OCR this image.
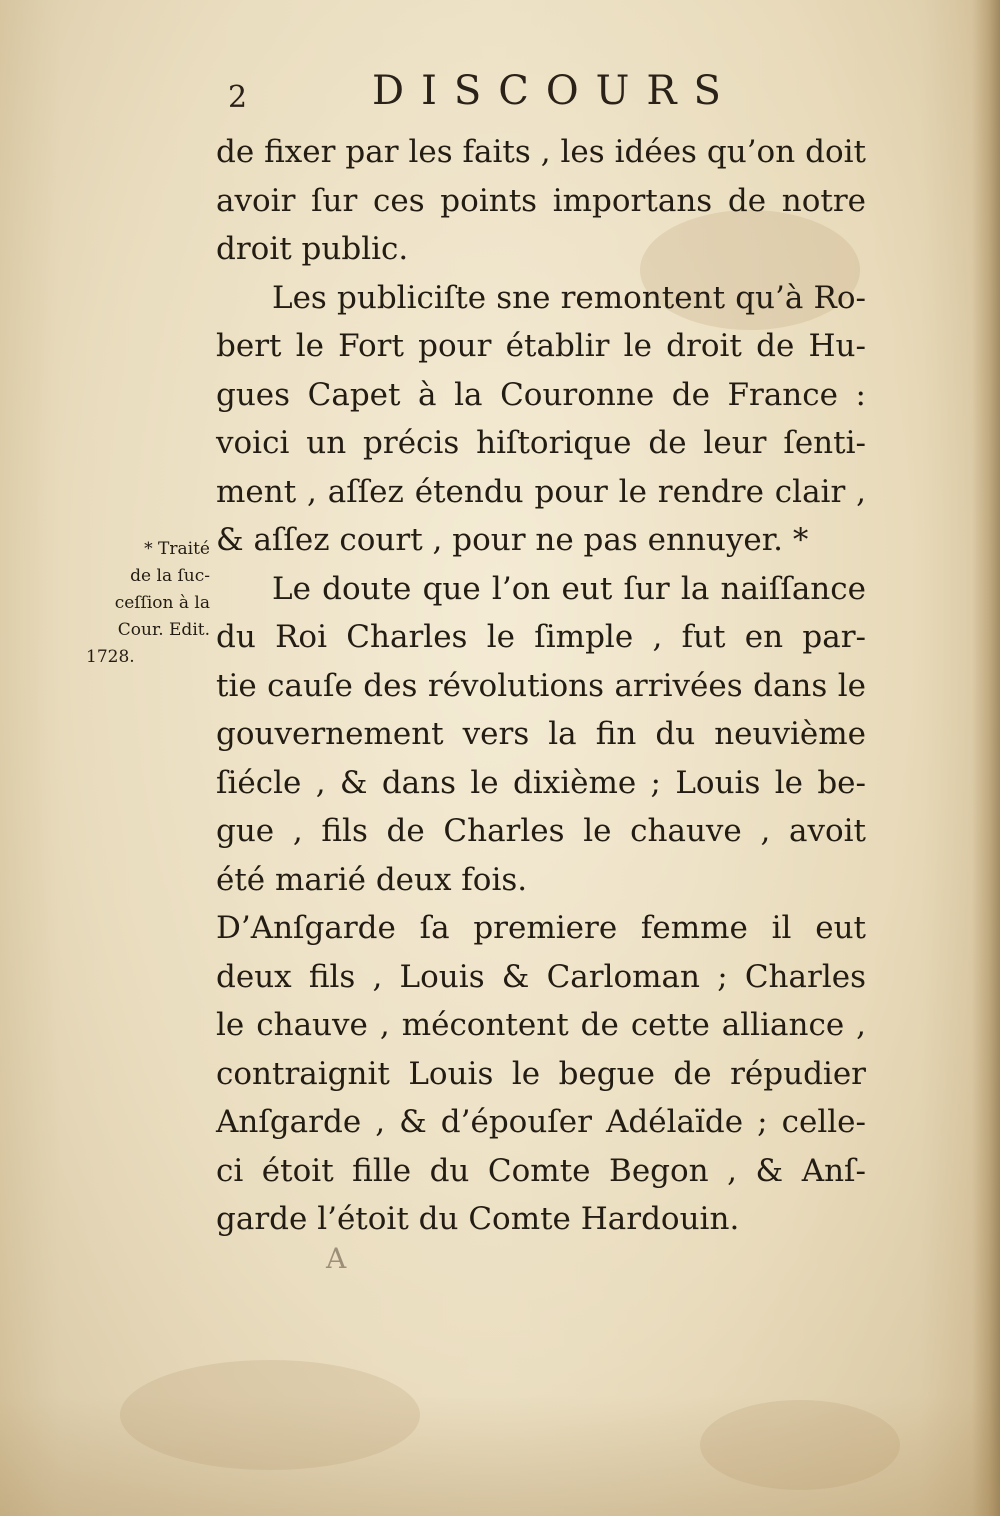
2	DISCOURS
* Traité
de la ſuc-
ceſſion à la
Cour. Edit.
1728.
de fixer par les faits , les idées qu’on doit
avoir ſur ces points importans de notre
droit public.
Les publiciſte sne remontent qu’à Ro-
bert le Fort pour établir le droit de Hu-
gues Capet à la Couronne de France :
voici un précis hiſtorique de leur ſenti-
ment , aſſez étendu pour le rendre clair ,
& aſſez court , pour ne pas ennuyer. *
Le doute que l’on eut ſur la naiſſance
du Roi Charles le ſimple , fut en par-
tie cauſe des révolutions arrivées dans le
gouvernement vers la fin du neuvième
ſiécle , & dans le dixième ; Louis le be-
gue , fils de Charles le chauve , avoit
été marié deux fois.
D’Anſgarde ſa premiere femme il eut
deux fils , Louis & Carloman ; Charles
le chauve , mécontent de cette alliance ,
contraignit Louis le begue de répudier
Anſgarde , & d’épouſer Adélaïde ; celle-
ci étoit fille du Comte Begon , & Anſ-
garde l’étoit du Comte Hardouin.
A
